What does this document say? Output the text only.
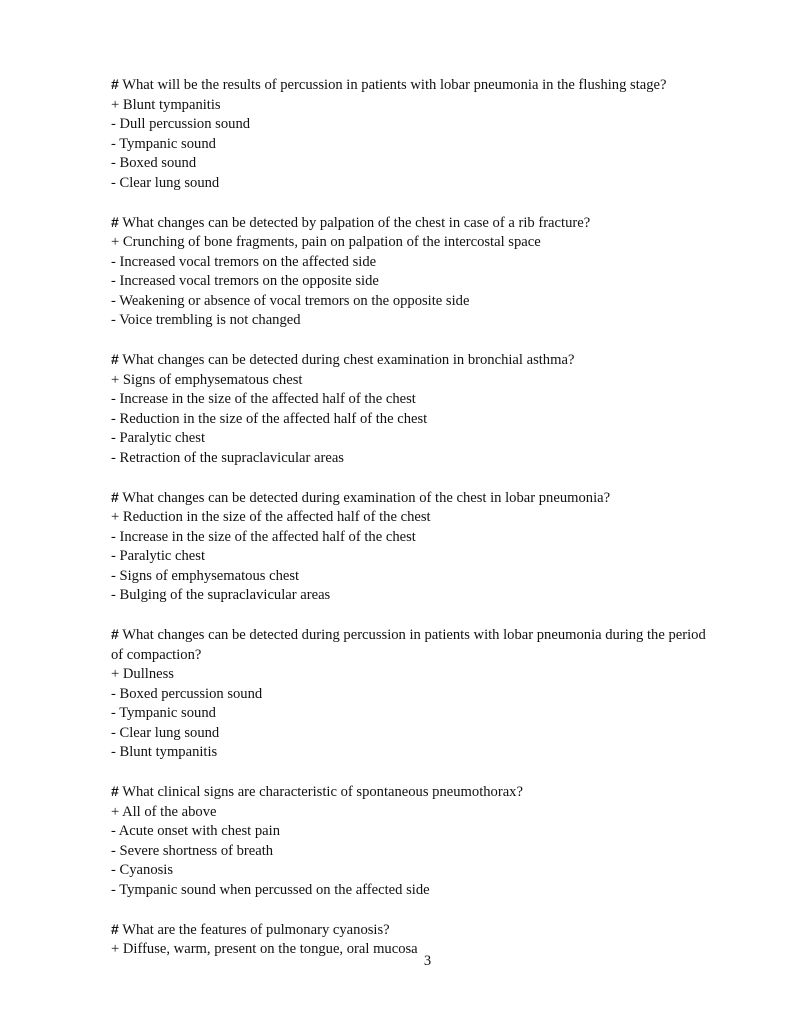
# What will be the results of percussion in patients with lobar pneumonia in the flushing stage?

+ Blunt tympanitis

- Dull percussion sound

- Tympanic sound

- Boxed sound

- Clear lung sound

# What changes can be detected by palpation of the chest in case of a rib fracture?

+ Crunching of bone fragments, pain on palpation of the intercostal space

- Increased vocal tremors on the affected side

- Increased vocal tremors on the opposite side

- Weakening or absence of vocal tremors on the opposite side

- Voice trembling is not changed

# What changes can be detected during chest examination in bronchial asthma?

+ Signs of emphysematous chest

- Increase in the size of the affected half of the chest

- Reduction in the size of the affected half of the chest

- Paralytic chest

- Retraction of the supraclavicular areas

# What changes can be detected during examination of the chest in lobar pneumonia?

+ Reduction in the size of the affected half of the chest

- Increase in the size of the affected half of the chest

- Paralytic chest

- Signs of emphysematous chest

- Bulging of the supraclavicular areas

# What changes can be detected during percussion in patients with lobar pneumonia during the period of compaction?

+ Dullness

- Boxed percussion sound

- Tympanic sound

- Clear lung sound

- Blunt tympanitis

# What clinical signs are characteristic of spontaneous pneumothorax?

+ All of the above

- Acute onset with chest pain

- Severe shortness of breath

- Cyanosis

- Tympanic sound when percussed on the affected side

# What are the features of pulmonary cyanosis?

+ Diffuse, warm, present on the tongue, oral mucosa

3
